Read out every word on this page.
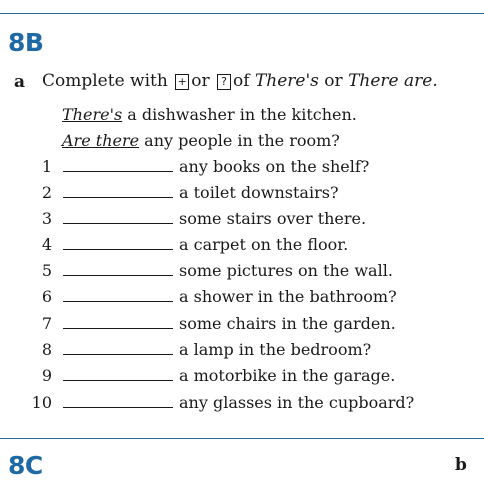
8B
a Complete with + or ? of There's or There are.
There's a dishwasher in the kitchen.
Are there any people in the room?
1	any books on the shelf?
2	a toilet downstairs?
3	some stairs over there.
4	a carpet on the floor.
5	some pictures on the wall.
6	a shower in the bathroom?
7	some chairs in the garden.
8	a lamp in the bedroom?
9	a motorbike in the garage.
10	any glasses in the cupboard?
8C	b
